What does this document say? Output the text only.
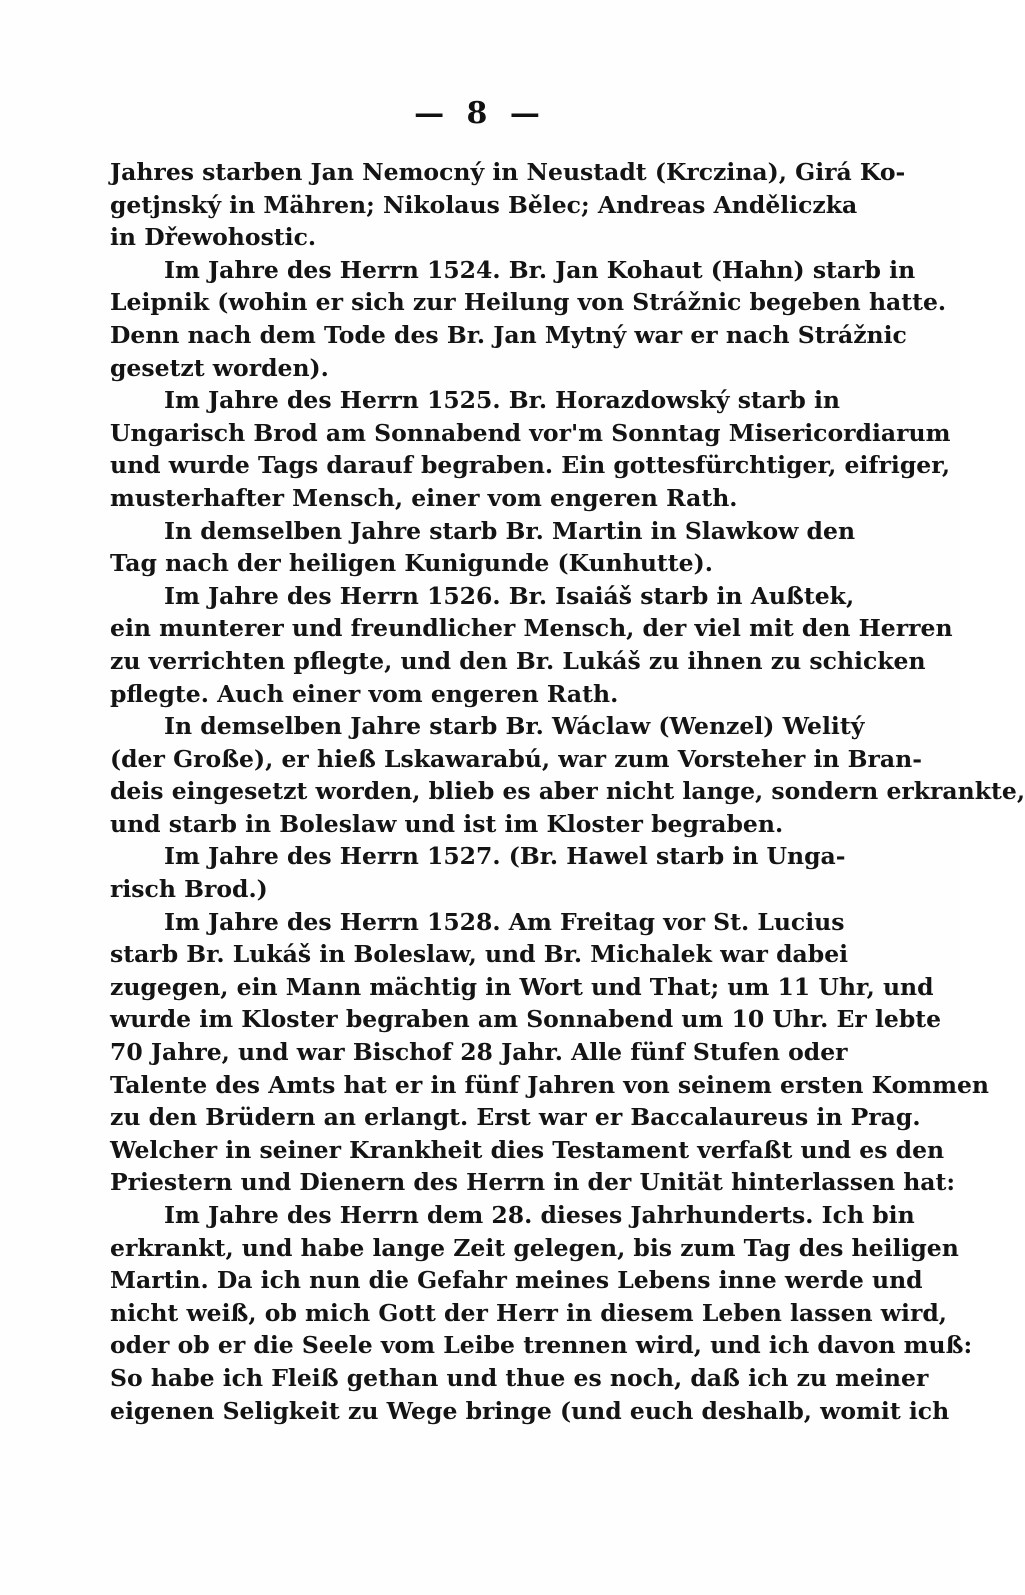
— 8 —
Jahres starben Jan Nemocný in Neustadt (Krczina), Girá Ko-
getjnský in Mähren; Nikolaus Bělec; Andreas Anděliczka
in Dřewohostic.
Im Jahre des Herrn 1524. Br. Jan Kohaut (Hahn) starb in
Leipnik (wohin er sich zur Heilung von Strážnic begeben hatte.
Denn nach dem Tode des Br. Jan Mytný war er nach Strážnic
gesetzt worden).
Im Jahre des Herrn 1525. Br. Horazdowský starb in
Ungarisch Brod am Sonnabend vor'm Sonntag Misericordiarum
und wurde Tags darauf begraben. Ein gottesfürchtiger, eifriger,
musterhafter Mensch, einer vom engeren Rath.
In demselben Jahre starb Br. Martin in Slawkow den
Tag nach der heiligen Kunigunde (Kunhutte).
Im Jahre des Herrn 1526. Br. Isaiáš starb in Außtek,
ein munterer und freundlicher Mensch, der viel mit den Herren
zu verrichten pflegte, und den Br. Lukáš zu ihnen zu schicken
pflegte. Auch einer vom engeren Rath.
In demselben Jahre starb Br. Wáclaw (Wenzel) Welitý
(der Große), er hieß Lskawarabú, war zum Vorsteher in Bran-
deis eingesetzt worden, blieb es aber nicht lange, sondern erkrankte,
und starb in Boleslaw und ist im Kloster begraben.
Im Jahre des Herrn 1527. (Br. Hawel starb in Unga-
risch Brod.)
Im Jahre des Herrn 1528. Am Freitag vor St. Lucius
starb Br. Lukáš in Boleslaw, und Br. Michalek war dabei
zugegen, ein Mann mächtig in Wort und That; um 11 Uhr, und
wurde im Kloster begraben am Sonnabend um 10 Uhr. Er lebte
70 Jahre, und war Bischof 28 Jahr. Alle fünf Stufen oder
Talente des Amts hat er in fünf Jahren von seinem ersten Kommen
zu den Brüdern an erlangt. Erst war er Baccalaureus in Prag.
Welcher in seiner Krankheit dies Testament verfaßt und es den
Priestern und Dienern des Herrn in der Unität hinterlassen hat:
Im Jahre des Herrn dem 28. dieses Jahrhunderts. Ich bin
erkrankt, und habe lange Zeit gelegen, bis zum Tag des heiligen
Martin. Da ich nun die Gefahr meines Lebens inne werde und
nicht weiß, ob mich Gott der Herr in diesem Leben lassen wird,
oder ob er die Seele vom Leibe trennen wird, und ich davon muß:
So habe ich Fleiß gethan und thue es noch, daß ich zu meiner
eigenen Seligkeit zu Wege bringe (und euch deshalb, womit ich
